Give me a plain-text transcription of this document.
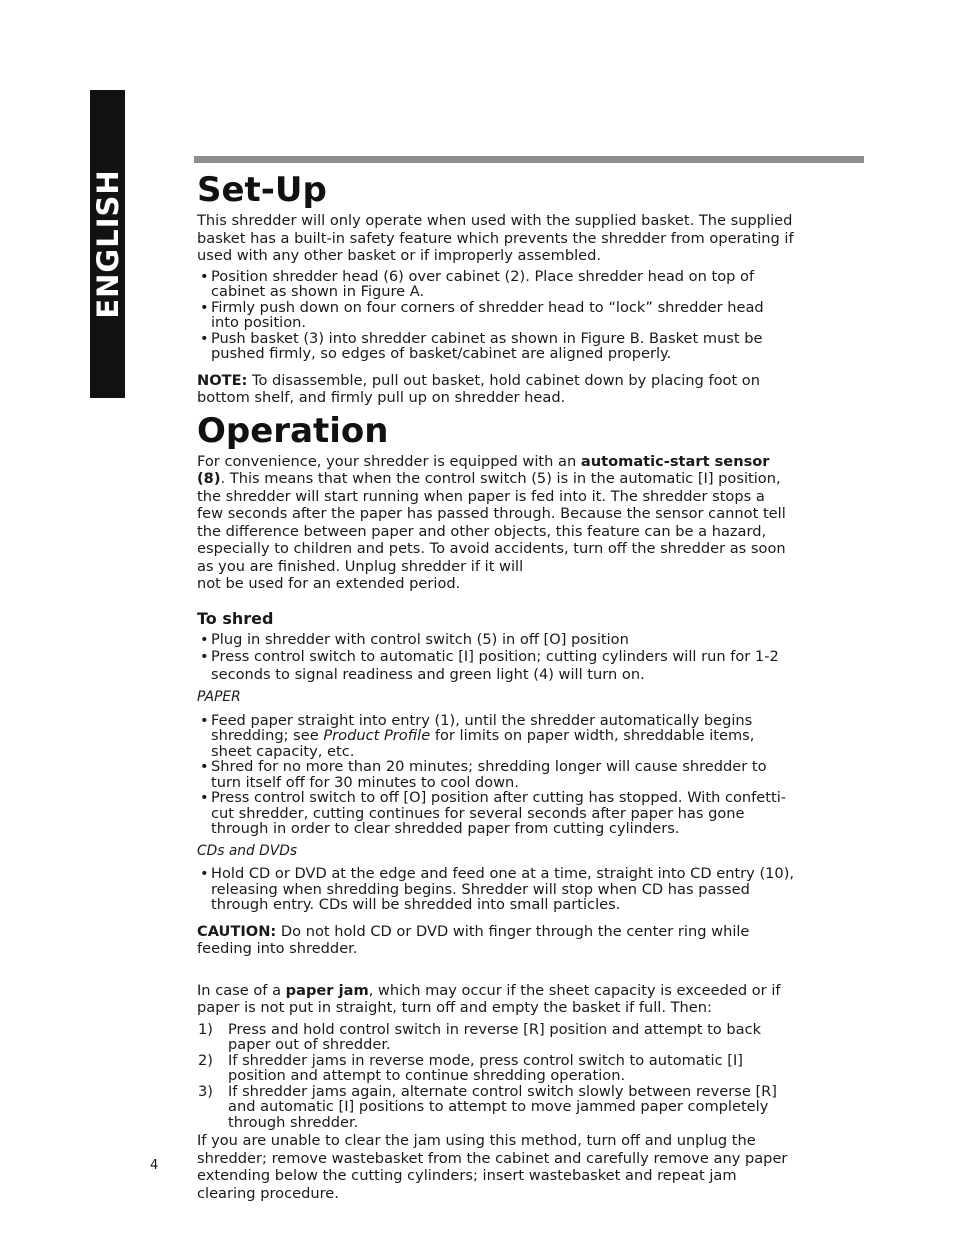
ENGLISH Set-Up

This shredder will only operate when used with the supplied basket. The supplied basket has a built-in safety feature which prevents the shredder from operating if used with any other basket or if improperly assembled.

• Position shredder head (6) over cabinet (2). Place shredder head on top of cabinet as shown in Figure A.
• Firmly push down on four corners of shredder head to “lock” shredder head into position.
• Push basket (3) into shredder cabinet as shown in Figure B. Basket must be pushed firmly, so edges of basket/cabinet are aligned properly.

NOTE: To disassemble, pull out basket, hold cabinet down by placing foot on bottom shelf, and firmly pull up on shredder head.

Operation

For convenience, your shredder is equipped with an automatic-start sensor (8). This means that when the control switch (5) is in the automatic [I] position, the shredder will start running when paper is fed into it. The shredder stops a few seconds after the paper has passed through. Because the sensor cannot tell the difference between paper and other objects, this feature can be a hazard, especially to children and pets. To avoid accidents, turn off the shredder as soon as you are finished. Unplug shredder if it will
not be used for an extended period.

To shred
• Plug in shredder with control switch (5) in off [O] position
• Press control switch to automatic [I] position; cutting cylinders will run for 1-2 seconds to signal readiness and green light (4) will turn on.

PAPER

• Feed paper straight into entry (1), until the shredder automatically begins shredding; see Product Profile for limits on paper width, shreddable items, sheet capacity, etc.
• Shred for no more than 20 minutes; shredding longer will cause shredder to turn itself off for 30 minutes to cool down.
• Press control switch to off [O] position after cutting has stopped. With confetti-cut shredder, cutting continues for several seconds after paper has gone through in order to clear shredded paper from cutting cylinders.

CDs and DVDs

• Hold CD or DVD at the edge and feed one at a time, straight into CD entry (10), releasing when shredding begins. Shredder will stop when CD has passed through entry. CDs will be shredded into small particles.

CAUTION: Do not hold CD or DVD with finger through the center ring while feeding into shredder.

In case of a paper jam, which may occur if the sheet capacity is exceeded or if paper is not put in straight, turn off and empty the basket if full. Then:

1) Press and hold control switch in reverse [R] position and attempt to back paper out of shredder.
2) If shredder jams in reverse mode, press control switch to automatic [I] position and attempt to continue shredding operation.
3) If shredder jams again, alternate control switch slowly between reverse [R] and automatic [I] positions to attempt to move jammed paper completely through shredder.

If you are unable to clear the jam using this method, turn off and unplug the shredder; remove wastebasket from the cabinet and carefully remove any paper extending below the cutting cylinders; insert wastebasket and repeat jam clearing procedure.

4
